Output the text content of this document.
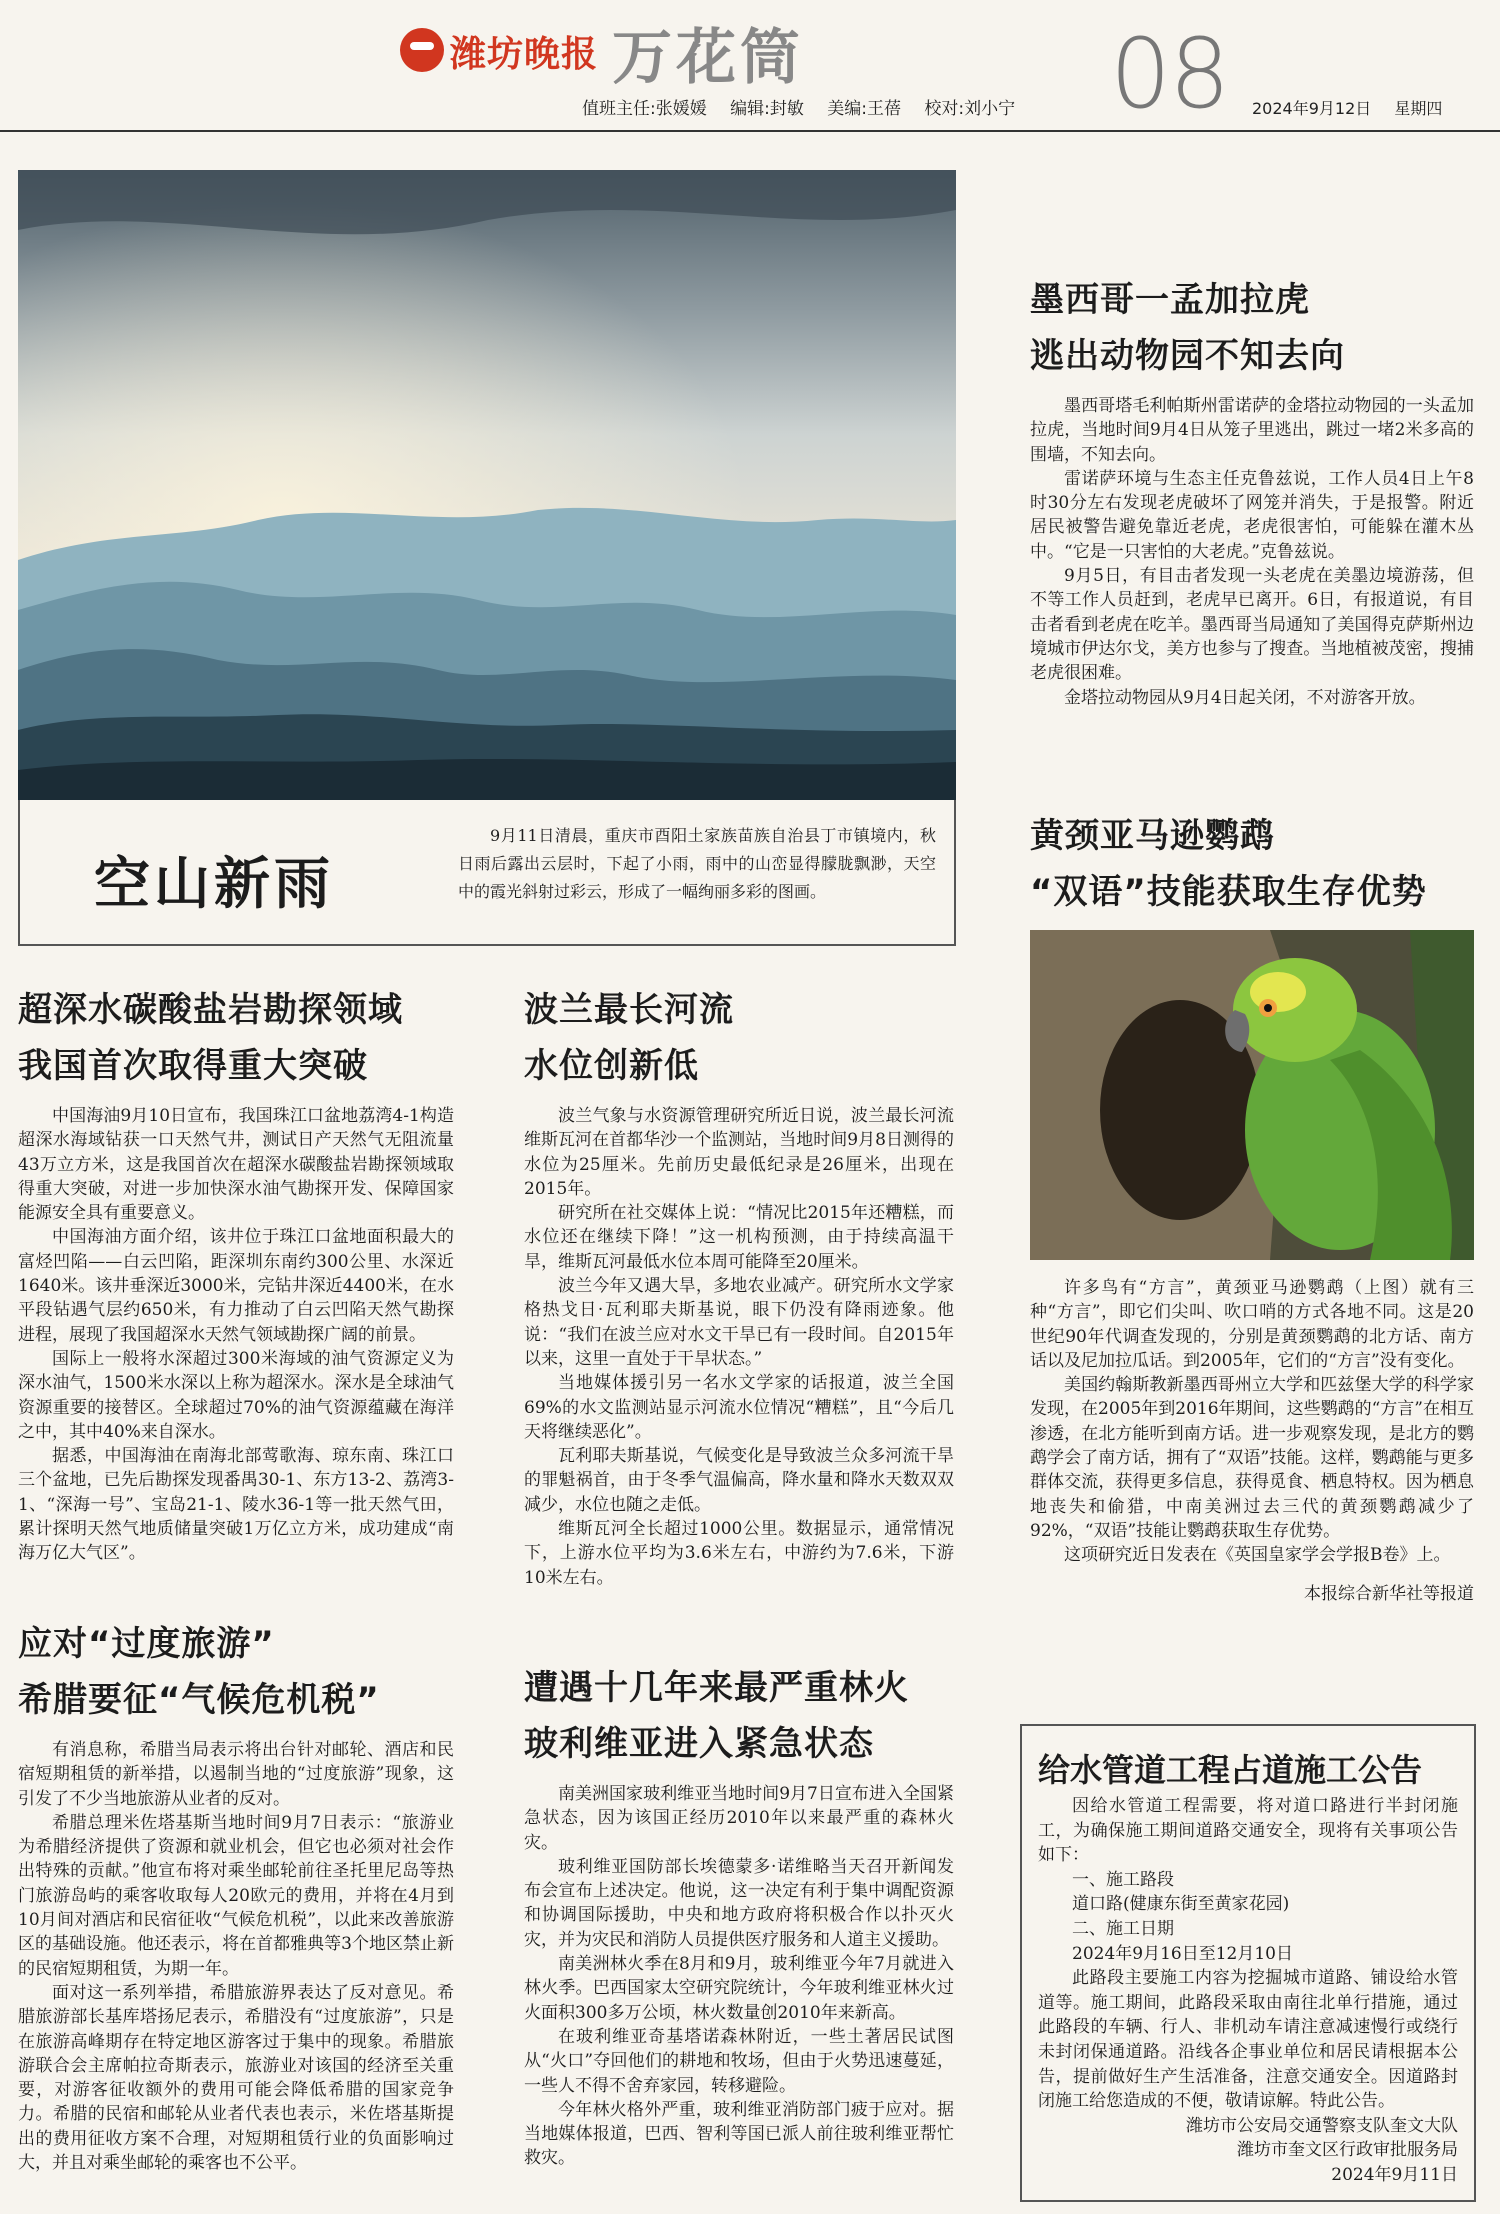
潍坊晚报 万花筒
值班主任:张媛媛 编辑:封敏 美编:王蓓 校对:刘小宁 08 2024年9月12日 星期四
空山新雨

9月11日清晨，重庆市酉阳土家族苗族自治县丁市镇境内，秋日雨后露出云层时，下起了小雨，雨中的山峦显得朦胧飘渺，天空中的霞光斜射过彩云，形成了一幅绚丽多彩的图画。

墨西哥一孟加拉虎
逃出动物园不知去向

墨西哥塔毛利帕斯州雷诺萨的金塔拉动物园的一头孟加拉虎，当地时间9月4日从笼子里逃出，跳过一堵2米多高的围墙，不知去向。

雷诺萨环境与生态主任克鲁兹说，工作人员4日上午8时30分左右发现老虎破坏了网笼并消失，于是报警。附近居民被警告避免靠近老虎，老虎很害怕，可能躲在灌木丛中。“它是一只害怕的大老虎。”克鲁兹说。

9月5日，有目击者发现一头老虎在美墨边境游荡，但不等工作人员赶到，老虎早已离开。6日，有报道说，有目击者看到老虎在吃羊。墨西哥当局通知了美国得克萨斯州边境城市伊达尔戈，美方也参与了搜查。当地植被茂密，搜捕老虎很困难。

金塔拉动物园从9月4日起关闭，不对游客开放。

黄颈亚马逊鹦鹉
“双语”技能获取生存优势

许多鸟有“方言”，黄颈亚马逊鹦鹉（上图）就有三种“方言”，即它们尖叫、吹口哨的方式各地不同。这是20世纪90年代调查发现的，分别是黄颈鹦鹉的北方话、南方话以及尼加拉瓜话。到2005年，它们的“方言”没有变化。

美国约翰斯教新墨西哥州立大学和匹兹堡大学的科学家发现，在2005年到2016年期间，这些鹦鹉的“方言”在相互渗透，在北方能听到南方话。进一步观察发现，是北方的鹦鹉学会了南方话，拥有了“双语”技能。这样，鹦鹉能与更多群体交流，获得更多信息，获得觅食、栖息特权。因为栖息地丧失和偷猎，中南美洲过去三代的黄颈鹦鹉减少了92%，“双语”技能让鹦鹉获取生存优势。

这项研究近日发表在《英国皇家学会学报B卷》上。

本报综合新华社等报道

超深水碳酸盐岩勘探领域
我国首次取得重大突破

中国海油9月10日宣布，我国珠江口盆地荔湾4-1构造超深水海域钻获一口天然气井，测试日产天然气无阻流量43万立方米，这是我国首次在超深水碳酸盐岩勘探领域取得重大突破，对进一步加快深水油气勘探开发、保障国家能源安全具有重要意义。

中国海油方面介绍，该井位于珠江口盆地面积最大的富烃凹陷——白云凹陷，距深圳东南约300公里、水深近1640米。该井垂深近3000米，完钻井深近4400米，在水平段钻遇气层约650米，有力推动了白云凹陷天然气勘探进程，展现了我国超深水天然气领域勘探广阔的前景。

国际上一般将水深超过300米海域的油气资源定义为深水油气，1500米水深以上称为超深水。深水是全球油气资源重要的接替区。全球超过70%的油气资源蕴藏在海洋之中，其中40%来自深水。

据悉，中国海油在南海北部莺歌海、琼东南、珠江口三个盆地，已先后勘探发现番禺30-1、东方13-2、荔湾3-1、“深海一号”、宝岛21-1、陵水36-1等一批天然气田，累计探明天然气地质储量突破1万亿立方米，成功建成“南海万亿大气区”。

波兰最长河流
水位创新低

波兰气象与水资源管理研究所近日说，波兰最长河流维斯瓦河在首都华沙一个监测站，当地时间9月8日测得的水位为25厘米。先前历史最低纪录是26厘米，出现在2015年。

研究所在社交媒体上说：“情况比2015年还糟糕，而水位还在继续下降！”这一机构预测，由于持续高温干旱，维斯瓦河最低水位本周可能降至20厘米。

波兰今年又遇大旱，多地农业减产。研究所水文学家格热戈日·瓦利耶夫斯基说，眼下仍没有降雨迹象。他说：“我们在波兰应对水文干旱已有一段时间。自2015年以来，这里一直处于干旱状态。”

当地媒体援引另一名水文学家的话报道，波兰全国69%的水文监测站显示河流水位情况“糟糕”，且“今后几天将继续恶化”。

瓦利耶夫斯基说，气候变化是导致波兰众多河流干旱的罪魁祸首，由于冬季气温偏高，降水量和降水天数双双减少，水位也随之走低。

维斯瓦河全长超过1000公里。数据显示，通常情况下，上游水位平均为3.6米左右，中游约为7.6米，下游10米左右。

应对“过度旅游”
希腊要征“气候危机税”

有消息称，希腊当局表示将出台针对邮轮、酒店和民宿短期租赁的新举措，以遏制当地的“过度旅游”现象，这引发了不少当地旅游从业者的反对。

希腊总理米佐塔基斯当地时间9月7日表示：“旅游业为希腊经济提供了资源和就业机会，但它也必须对社会作出特殊的贡献。”他宣布将对乘坐邮轮前往圣托里尼岛等热门旅游岛屿的乘客收取每人20欧元的费用，并将在4月到10月间对酒店和民宿征收“气候危机税”，以此来改善旅游区的基础设施。他还表示，将在首都雅典等3个地区禁止新的民宿短期租赁，为期一年。

面对这一系列举措，希腊旅游界表达了反对意见。希腊旅游部长基库塔扬尼表示，希腊没有“过度旅游”，只是在旅游高峰期存在特定地区游客过于集中的现象。希腊旅游联合会主席帕拉奇斯表示，旅游业对该国的经济至关重要，对游客征收额外的费用可能会降低希腊的国家竞争力。希腊的民宿和邮轮从业者代表也表示，米佐塔基斯提出的费用征收方案不合理，对短期租赁行业的负面影响过大，并且对乘坐邮轮的乘客也不公平。

遭遇十几年来最严重林火
玻利维亚进入紧急状态

南美洲国家玻利维亚当地时间9月7日宣布进入全国紧急状态，因为该国正经历2010年以来最严重的森林火灾。

玻利维亚国防部长埃德蒙多·诺维略当天召开新闻发布会宣布上述决定。他说，这一决定有利于集中调配资源和协调国际援助，中央和地方政府将积极合作以扑灭火灾，并为灾民和消防人员提供医疗服务和人道主义援助。

南美洲林火季在8月和9月，玻利维亚今年7月就进入林火季。巴西国家太空研究院统计，今年玻利维亚林火过火面积300多万公顷，林火数量创2010年来新高。

在玻利维亚奇基塔诺森林附近，一些土著居民试图从“火口”夺回他们的耕地和牧场，但由于火势迅速蔓延，一些人不得不舍弃家园，转移避险。

今年林火格外严重，玻利维亚消防部门疲于应对。据当地媒体报道，巴西、智利等国已派人前往玻利维亚帮忙救灾。

给水管道工程占道施工公告

因给水管道工程需要，将对道口路进行半封闭施工，为确保施工期间道路交通安全，现将有关事项公告如下：

一、施工路段

道口路(健康东街至黄家花园)

二、施工日期

2024年9月16日至12月10日

此路段主要施工内容为挖掘城市道路、铺设给水管道等。施工期间，此路段采取由南往北单行措施，通过此路段的车辆、行人、非机动车请注意减速慢行或绕行未封闭保通道路。沿线各企事业单位和居民请根据本公告，提前做好生产生活准备，注意交通安全。因道路封闭施工给您造成的不便，敬请谅解。特此公告。

潍坊市公安局交通警察支队奎文大队

潍坊市奎文区行政审批服务局

2024年9月11日
